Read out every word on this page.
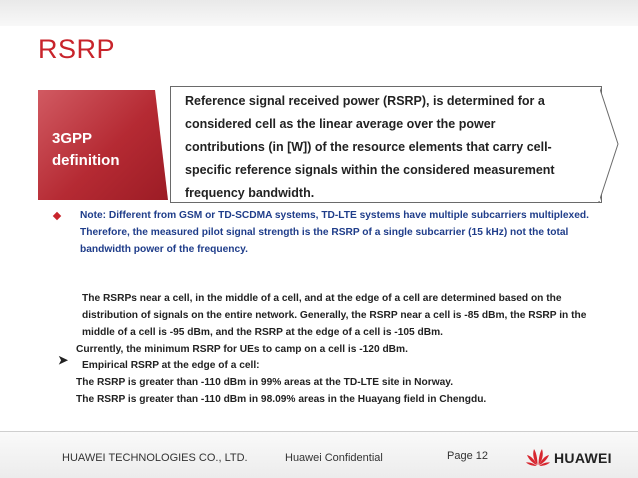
RSRP
3GPP
definition
Reference signal received power (RSRP), is determined for a
considered cell as the linear average over the power
contributions (in [W]) of the resource elements that carry cell-
specific reference signals within the considered measurement
frequency bandwidth.
Note: Different from GSM or TD-SCDMA systems, TD-LTE systems have multiple subcarriers multiplexed.
Therefore, the measured pilot signal strength is the RSRP of a single subcarrier (15 kHz) not the total
bandwidth power of the frequency.
The RSRPs near a cell, in the middle of a cell, and at the edge of a cell are determined based on the
distribution of signals on the entire network. Generally, the RSRP near a cell is -85 dBm, the RSRP in the
middle of a cell is -95 dBm, and the RSRP at the edge of a cell is -105 dBm.
Currently, the minimum RSRP for UEs to camp on a cell is -120 dBm.
➤ Empirical RSRP at the edge of a cell:
The RSRP is greater than -110 dBm in 99% areas at the TD-LTE site in Norway.
The RSRP is greater than -110 dBm in 98.09% areas in the Huayang field in Chengdu.
HUAWEI TECHNOLOGIES CO., LTD.	Huawei Confidential	Page 12	HUAWEI
